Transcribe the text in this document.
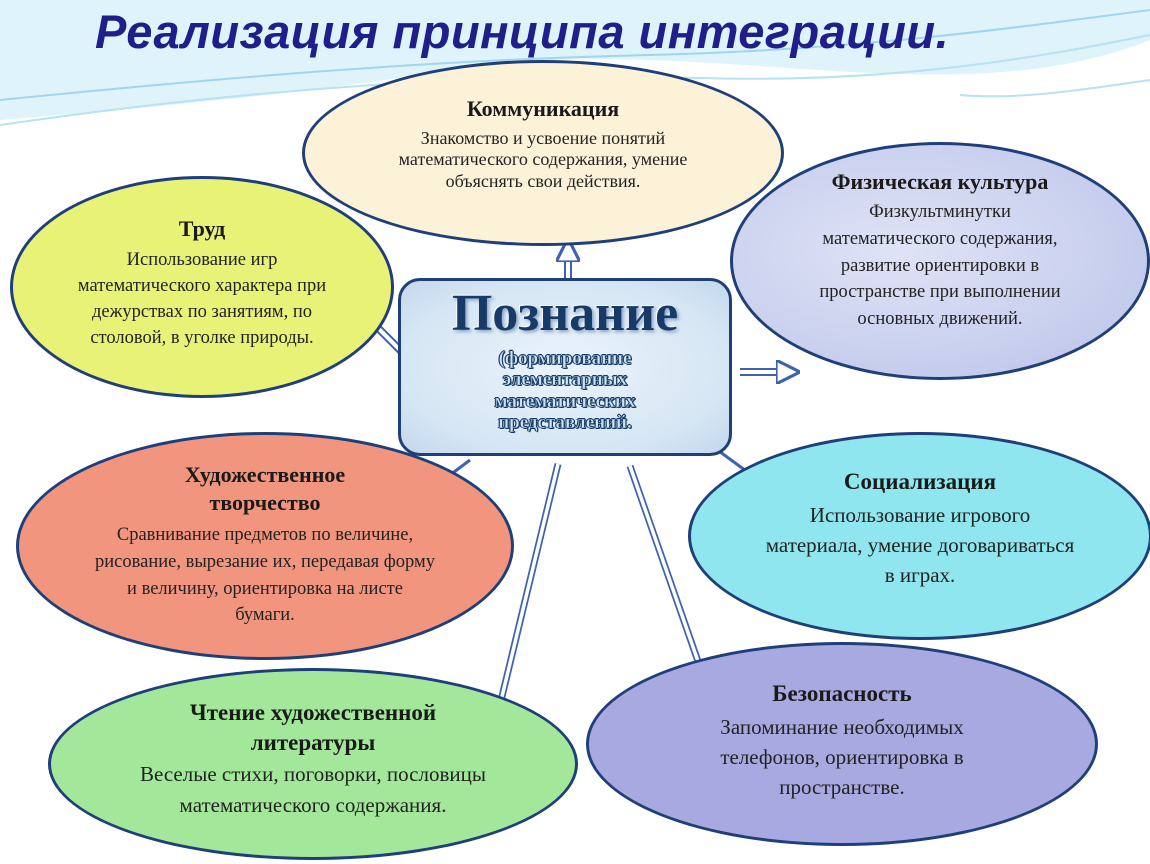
Реализация принципа интеграции.
Коммуникация
Знакомство и усвоение понятий математического содержания, умение объяснять свои действия.
Труд
Использование игр математического характера при дежурствах по занятиям, по столовой, в уголке природы.
Физическая культура
Физкультминутки математического содержания, развитие ориентировки в пространстве при выполнении основных движений.
Художественное творчество
Сравнивание предметов по величине, рисование, вырезание их, передавая форму и величину, ориентировка на листе бумаги.
Социализация
Использование игрового материала, умение договариваться в играх.
Чтение художественной литературы
Веселые стихи, поговорки, пословицы математического содержания.
Безопасность
Запоминание необходимых телефонов, ориентировка в пространстве.
Познание
(формирование элементарных математических представлений.
